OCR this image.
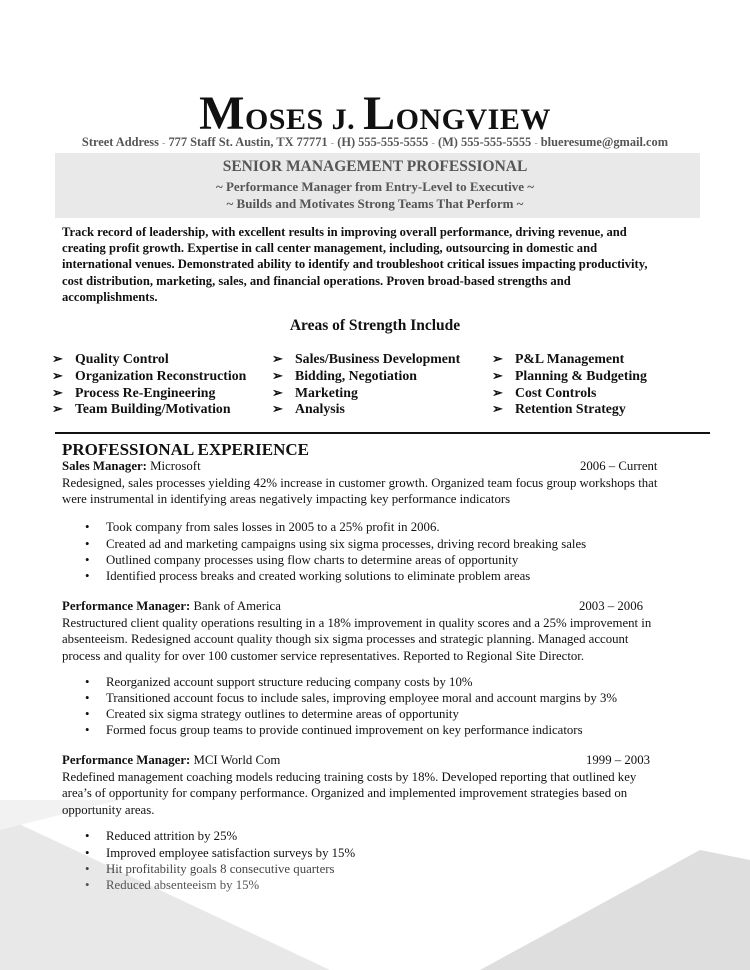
MOSES J. LONGVIEW
Street Address - 777 Staff St. Austin, TX 77771 - (H) 555-555-5555 - (M) 555-555-5555 - blueresume@gmail.com
SENIOR MANAGEMENT PROFESSIONAL
~ Performance Manager from Entry-Level to Executive ~
~ Builds and Motivates Strong Teams That Perform ~
Track record of leadership, with excellent results in improving overall performance, driving revenue, and
creating profit growth. Expertise in call center management, including, outsourcing in domestic and
international venues. Demonstrated ability to identify and troubleshoot critical issues impacting productivity,
cost distribution, marketing, sales, and financial operations. Proven broad-based strengths and
accomplishments.
Areas of Strength Include
➢ Quality Control
➢ Organization Reconstruction
➢ Process Re-Engineering
➢ Team Building/Motivation
➢ Sales/Business Development
➢ Bidding, Negotiation
➢ Marketing
➢ Analysis
➢ P&L Management
➢ Planning & Budgeting
➢ Cost Controls
➢ Retention Strategy
PROFESSIONAL EXPERIENCE
Sales Manager: Microsoft	2006 – Current
Redesigned, sales processes yielding 42% increase in customer growth. Organized team focus group workshops that
were instrumental in identifying areas negatively impacting key performance indicators
• Took company from sales losses in 2005 to a 25% profit in 2006.
• Created ad and marketing campaigns using six sigma processes, driving record breaking sales
• Outlined company processes using flow charts to determine areas of opportunity
• Identified process breaks and created working solutions to eliminate problem areas
Performance Manager: Bank of America	2003 – 2006
Restructured client quality operations resulting in a 18% improvement in quality scores and a 25% improvement in
absenteeism. Redesigned account quality though six sigma processes and strategic planning. Managed account
process and quality for over 100 customer service representatives. Reported to Regional Site Director.
• Reorganized account support structure reducing company costs by 10%
• Transitioned account focus to include sales, improving employee moral and account margins by 3%
• Created six sigma strategy outlines to determine areas of opportunity
• Formed focus group teams to provide continued improvement on key performance indicators
Performance Manager: MCI World Com	1999 – 2003
Redefined management coaching models reducing training costs by 18%. Developed reporting that outlined key
area’s of opportunity for company performance. Organized and implemented improvement strategies based on
opportunity areas.
• Reduced attrition by 25%
• Improved employee satisfaction surveys by 15%
• Hit profitability goals 8 consecutive quarters
• Reduced absenteeism by 15%
